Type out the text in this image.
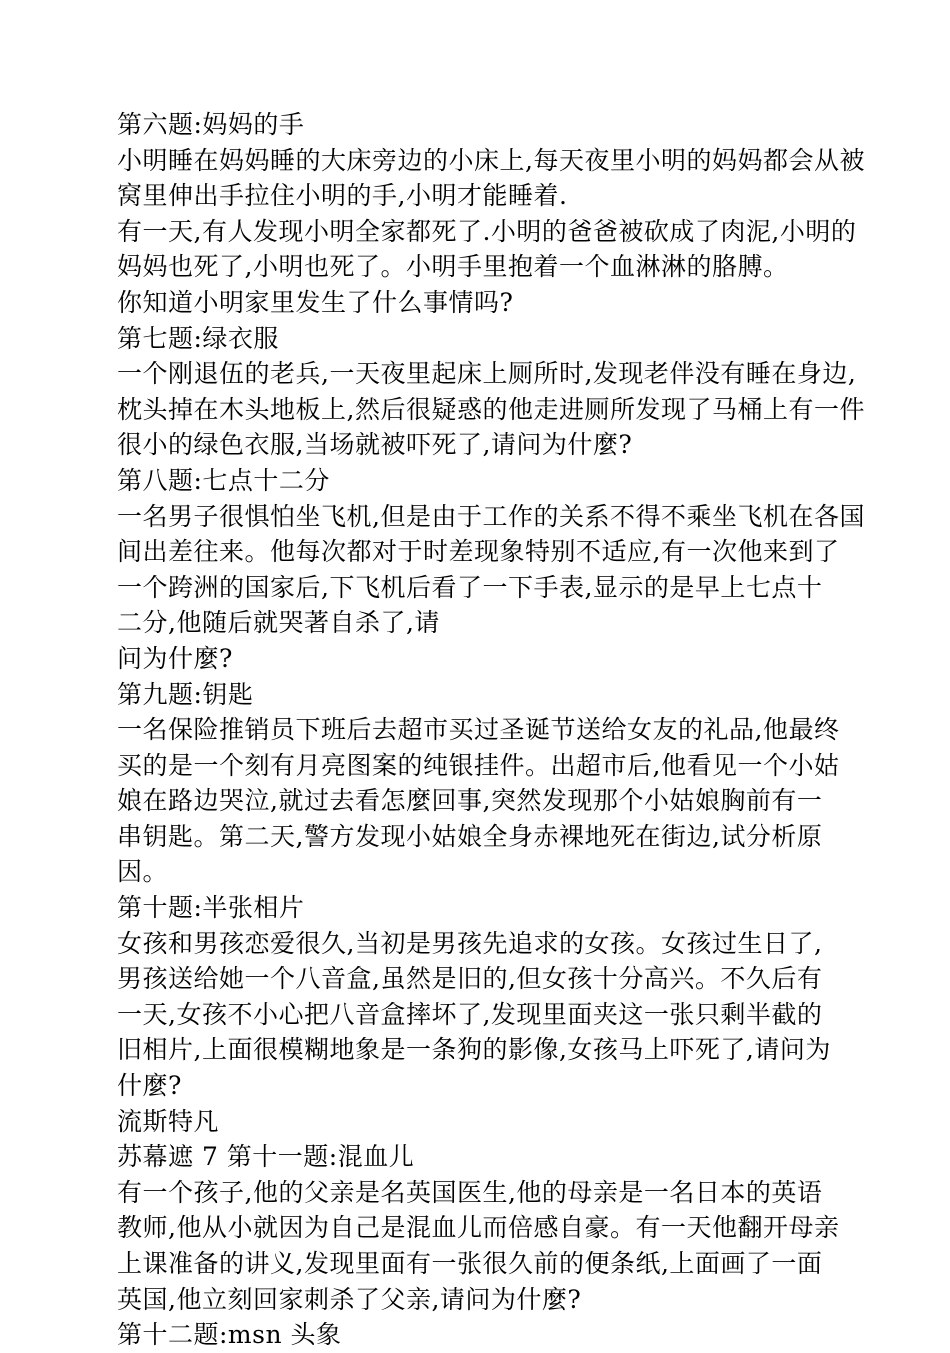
第六题:妈妈的手
小明睡在妈妈睡的大床旁边的小床上,每天夜里小明的妈妈都会从被
窝里伸出手拉住小明的手,小明才能睡着.
有一天,有人发现小明全家都死了.小明的爸爸被砍成了肉泥,小明的
妈妈也死了,小明也死了。小明手里抱着一个血淋淋的胳膊。
你知道小明家里发生了什么事情吗?
第七题:绿衣服
一个刚退伍的老兵,一天夜里起床上厕所时,发现老伴没有睡在身边,
枕头掉在木头地板上,然后很疑惑的他走进厕所发现了马桶上有一件
很小的绿色衣服,当场就被吓死了,请问为什麼?
第八题:七点十二分
一名男子很惧怕坐飞机,但是由于工作的关系不得不乘坐飞机在各国
间出差往来。他每次都对于时差现象特别不适应,有一次他来到了
一个跨洲的国家后,下飞机后看了一下手表,显示的是早上七点十
二分,他随后就哭著自杀了,请
问为什麼?
第九题:钥匙
一名保险推销员下班后去超市买过圣诞节送给女友的礼品,他最终
买的是一个刻有月亮图案的纯银挂件。出超市后,他看见一个小姑
娘在路边哭泣,就过去看怎麼回事,突然发现那个小姑娘胸前有一
串钥匙。第二天,警方发现小姑娘全身赤裸地死在街边,试分析原
因。
第十题:半张相片
女孩和男孩恋爱很久,当初是男孩先追求的女孩。女孩过生日了,
男孩送给她一个八音盒,虽然是旧的,但女孩十分高兴。不久后有
一天,女孩不小心把八音盒摔坏了,发现里面夹这一张只剩半截的
旧相片,上面很模糊地象是一条狗的影像,女孩马上吓死了,请问为
什麼?
流斯特凡
苏幕遮 7 第十一题:混血儿
有一个孩子,他的父亲是名英国医生,他的母亲是一名日本的英语
教师,他从小就因为自己是混血儿而倍感自豪。有一天他翻开母亲
上课准备的讲义,发现里面有一张很久前的便条纸,上面画了一面
英国,他立刻回家刺杀了父亲,请问为什麼?
第十二题:msn 头象
